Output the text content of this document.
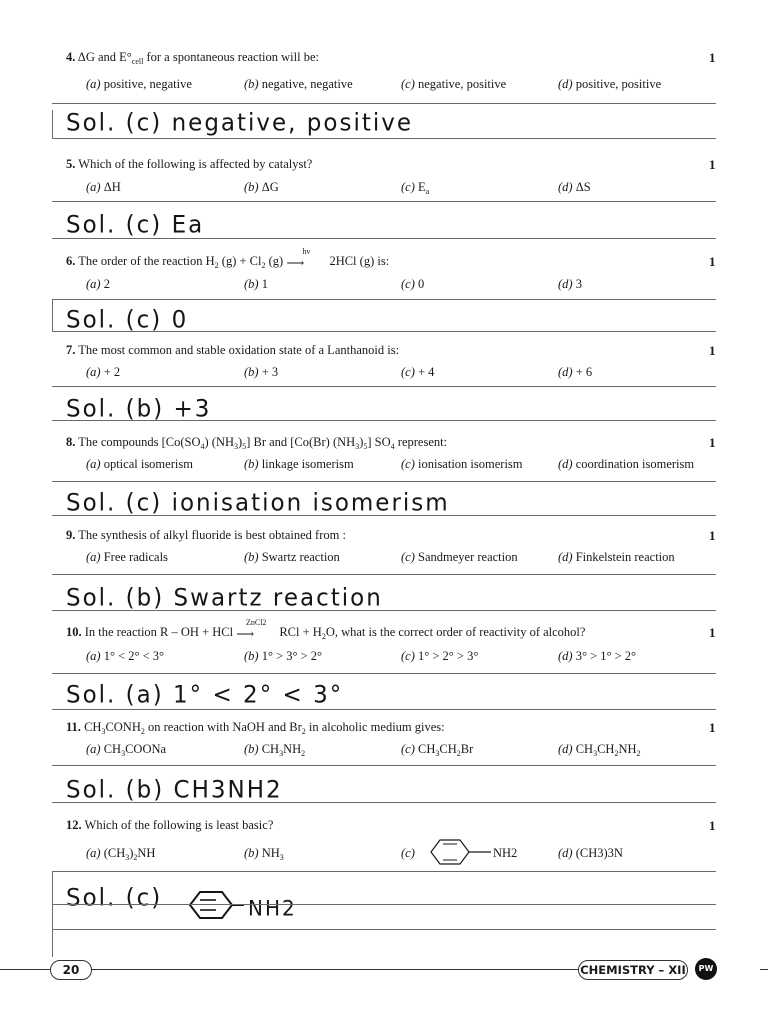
4. ΔG and $E^\circ_{cell}$ for a spontaneous reaction will be:	1
(a) positive, negative	(b) negative, negative	(c) negative, positive	(d) positive, positive
Sol. (c) negative, positive
5. Which of the following is affected by catalyst?	1
(a) ΔH	(b) ΔG	(c) $E_a$	(d) ΔS
Sol. (c) Ea
6. The order of the reaction $H_2$ $(g) + Cl_2$ (g)
hv
⟶ 2HCl (g) is:	1
(a) 2	(b) 1	(c) 0	(d) 3
Sol. (c) 0
7. The most common and stable oxidation state of a Lanthanoid is:	1
(a) + 2	(b) + 3	(c) + 4	(d) + 6
Sol. (b) +3
8. The compounds [$Co(SO_4)$ $(NH_3)_5$] Br and [Co(Br) $(NH_3)_5$] $SO_4$ represent:	1
(a) optical isomerism	(b) linkage isomerism	(c) ionisation isomerism	(d) coordination isomerism
Sol. (c) ionisation isomerism
9. The synthesis of alkyl fluoride is best obtained from :	1
(a) Free radicals	(b) Swartz reaction	(c) Sandmeyer reaction	(d) Finkelstein reaction
Sol. (b) Swartz reaction
10. In the reaction R – OH + HCl
ZnCl2
⟶ RCl + $H_2O$, what is the correct order of reactivity of alcohol?	1
(a) 1° < 2° < 3°	(b) 1° > 3° > 2°	(c) 1° > 2° > 3°	(d) 3° > 1° > 2°
Sol. (a) 1° < 2° < 3°
11. $CH_3CONH_2$ on reaction with NaOH and $Br_2$ in alcoholic medium gives:	1
(a) $CH_3COONa$	(b) $CH_3NH_2$	(c) $CH_3CH_2Br$	(d) $CH_3CH_2NH_2$
Sol. (b) CH3NH2
12. Which of the following is least basic?	1
(a) $(CH_3)_2NH$	(b) $NH_3$	(c)	NH2	(d) (CH3)3N
Sol. (c)	NH2
20	CHEMISTRY – XII	PW
